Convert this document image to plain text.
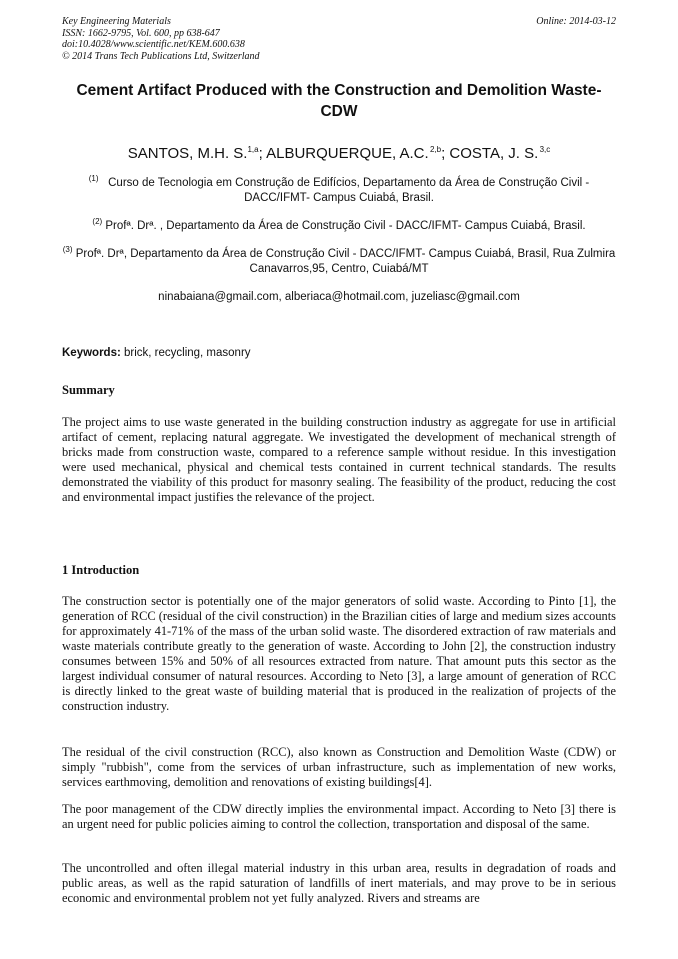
Key Engineering Materials
ISSN: 1662-9795, Vol. 600, pp 638-647
doi:10.4028/www.scientific.net/KEM.600.638
© 2014 Trans Tech Publications Ltd, Switzerland
Online: 2014-03-12
Cement Artifact Produced with the Construction and Demolition Waste-CDW
SANTOS, M.H. S.$^{1,a}$; ALBURQUERQUE, A.C. $^{2,b}$; COSTA, J. S. $^{3,c}$
$^{(1)}$ Curso de Tecnologia em Construção de Edifícios, Departamento da Área de Construção Civil - DACC/IFMT- Campus Cuiabá, Brasil.
$^{(2)}$ Profª. Drª. , Departamento da Área de Construção Civil - DACC/IFMT- Campus Cuiabá, Brasil.
$^{(3)}$ Profª. Drª, Departamento da Área de Construção Civil - DACC/IFMT- Campus Cuiabá, Brasil, Rua Zulmira Canavarros,95, Centro, Cuiabá/MT
ninabaiana@gmail.com, alberiaca@hotmail.com, juzeliasc@gmail.com
Keywords: brick, recycling, masonry
Summary
The project aims to use waste generated in the building construction industry as aggregate for use in artificial artifact of cement, replacing natural aggregate. We investigated the development of mechanical strength of bricks made from construction waste, compared to a reference sample without residue. In this investigation were used mechanical, physical and chemical tests contained in current technical standards. The results demonstrated the viability of this product for masonry sealing. The feasibility of the product, reducing the cost and environmental impact justifies the relevance of the project.
1 Introduction
The construction sector is potentially one of the major generators of solid waste. According to Pinto [1], the generation of RCC (residual of the civil construction) in the Brazilian cities of large and medium sizes accounts for approximately 41-71% of the mass of the urban solid waste. The disordered extraction of raw materials and waste materials contribute greatly to the generation of waste. According to John [2], the construction industry consumes between 15% and 50% of all resources extracted from nature. That amount puts this sector as the largest individual consumer of natural resources. According to Neto [3], a large amount of generation of RCC is directly linked to the great waste of building material that is produced in the realization of projects of the construction industry.
The residual of the civil construction (RCC), also known as Construction and Demolition Waste (CDW) or simply "rubbish", come from the services of urban infrastructure, such as implementation of new works, services earthmoving, demolition and renovations of existing buildings[4].
The poor management of the CDW directly implies the environmental impact. According to Neto [3] there is an urgent need for public policies aiming to control the collection, transportation and disposal of the same.
The uncontrolled and often illegal material industry in this urban area, results in degradation of roads and public areas, as well as the rapid saturation of landfills of inert materials, and may prove to be in serious economic and environmental problem not yet fully analyzed. Rivers and streams are
